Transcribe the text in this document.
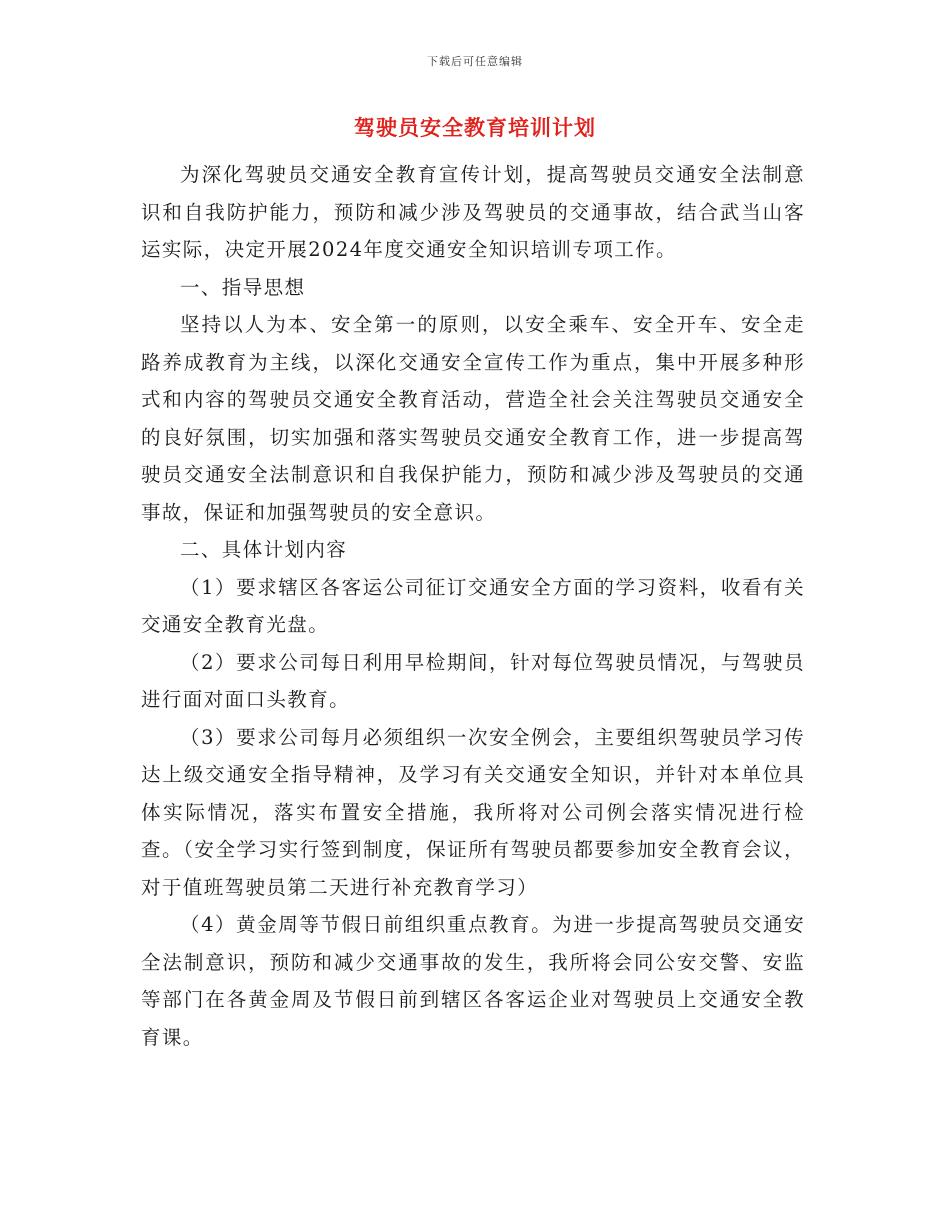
下载后可任意编辑
驾驶员安全教育培训计划

为深化驾驶员交通安全教育宣传计划，提高驾驶员交通安全法制意识和自我防护能力，预防和减少涉及驾驶员的交通事故，结合武当山客运实际，决定开展2024年度交通安全知识培训专项工作。

一、指导思想

坚持以人为本、安全第一的原则，以安全乘车、安全开车、安全走路养成教育为主线，以深化交通安全宣传工作为重点，集中开展多种形式和内容的驾驶员交通安全教育活动，营造全社会关注驾驶员交通安全的良好氛围，切实加强和落实驾驶员交通安全教育工作，进一步提高驾驶员交通安全法制意识和自我保护能力，预防和减少涉及驾驶员的交通事故，保证和加强驾驶员的安全意识。

二、具体计划内容

（1）要求辖区各客运公司征订交通安全方面的学习资料，收看有关交通安全教育光盘。

（2）要求公司每日利用早检期间，针对每位驾驶员情况，与驾驶员进行面对面口头教育。

（3）要求公司每月必须组织一次安全例会，主要组织驾驶员学习传达上级交通安全指导精神，及学习有关交通安全知识，并针对本单位具体实际情况，落实布置安全措施，我所将对公司例会落实情况进行检查。（安全学习实行签到制度，保证所有驾驶员都要参加安全教育会议，对于值班驾驶员第二天进行补充教育学习）

（4）黄金周等节假日前组织重点教育。为进一步提高驾驶员交通安全法制意识，预防和减少交通事故的发生，我所将会同公安交警、安监等部门在各黄金周及节假日前到辖区各客运企业对驾驶员上交通安全教育课。
